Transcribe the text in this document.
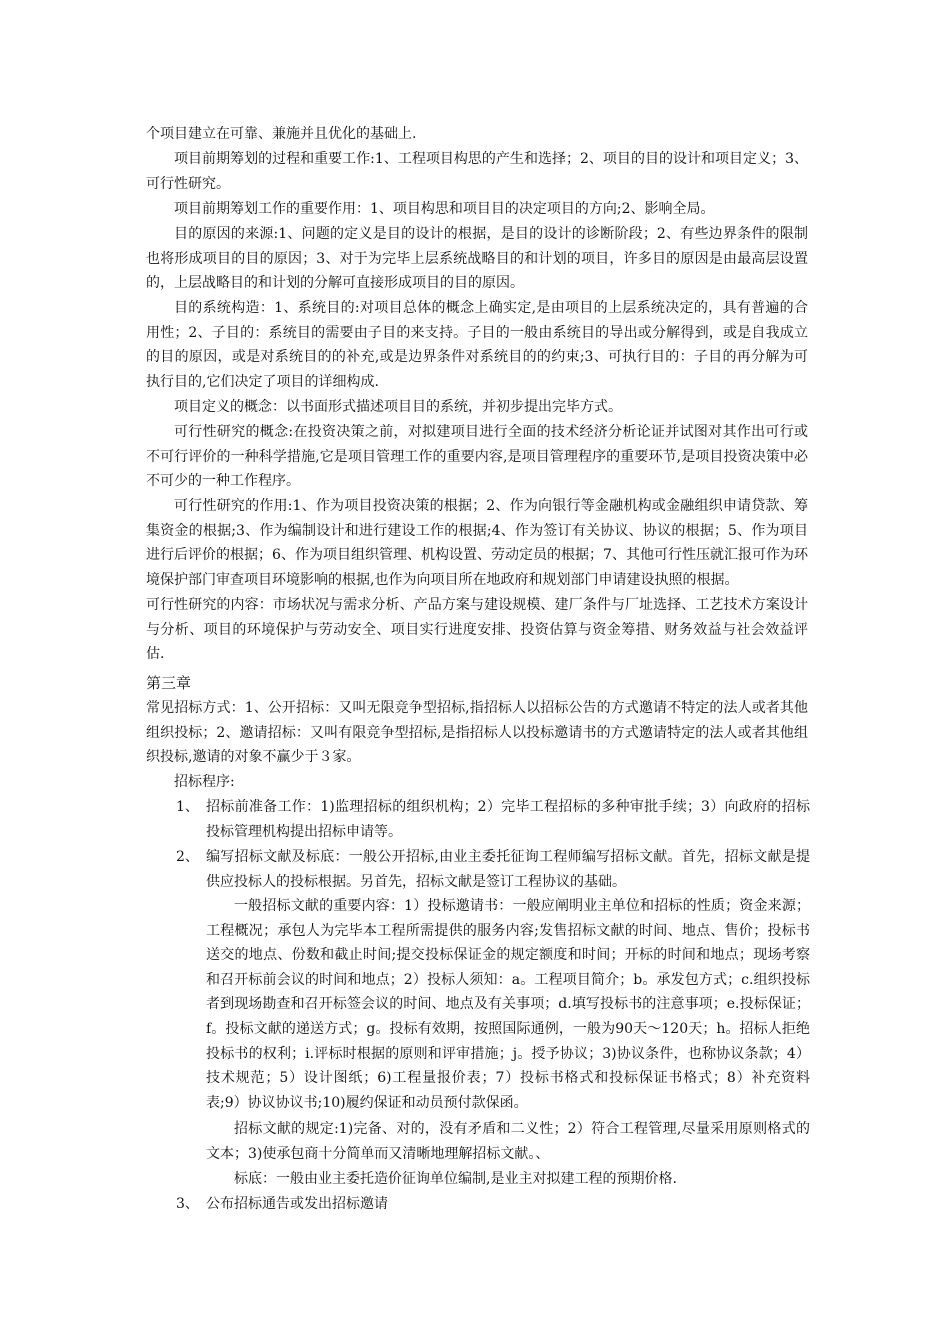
个项目建立在可靠、兼施并且优化的基础上.

项目前期筹划的过程和重要工作:1、工程项目构思的产生和选择；2、项目的目的设计和项目定义；3、可行性研究。

项目前期筹划工作的重要作用：1、项目构思和项目目的决定项目的方向;2、影响全局。

目的原因的来源:1、问题的定义是目的设计的根据，是目的设计的诊断阶段；2、有些边界条件的限制也将形成项目的目的原因；3、对于为完毕上层系统战略目的和计划的项目，许多目的原因是由最高层设置的，上层战略目的和计划的分解可直接形成项目的目的原因。

目的系统构造：1、系统目的:对项目总体的概念上确实定,是由项目的上层系统决定的，具有普遍的合用性；2、子目的：系统目的需要由子目的来支持。子目的一般由系统目的导出或分解得到，或是自我成立的目的原因，或是对系统目的的补充,或是边界条件对系统目的的约束;3、可执行目的：子目的再分解为可执行目的,它们决定了项目的详细构成.

项目定义的概念：以书面形式描述项目目的系统，并初步提出完毕方式。

可行性研究的概念:在投资决策之前，对拟建项目进行全面的技术经济分析论证并试图对其作出可行或不可行评价的一种科学措施,它是项目管理工作的重要内容,是项目管理程序的重要环节,是项目投资决策中必不可少的一种工作程序。

可行性研究的作用:1、作为项目投资决策的根据；2、作为向银行等金融机构或金融组织申请贷款、筹集资金的根据;3、作为编制设计和进行建设工作的根据;4、作为签订有关协议、协议的根据；5、作为项目进行后评价的根据；6、作为项目组织管理、机构设置、劳动定员的根据；7、其他可行性压就汇报可作为环境保护部门审查项目环境影响的根据,也作为向项目所在地政府和规划部门申请建设执照的根据。

可行性研究的内容：市场状况与需求分析、产品方案与建设规模、建厂条件与厂址选择、工艺技术方案设计与分析、项目的环境保护与劳动安全、项目实行进度安排、投资估算与资金筹措、财务效益与社会效益评估.

第三章

常见招标方式：1、公开招标：又叫无限竞争型招标,指招标人以招标公告的方式邀请不特定的法人或者其他组织投标；2、邀请招标：又叫有限竞争型招标,是指招标人以投标邀请书的方式邀请特定的法人或者其他组织投标,邀请的对象不赢少于３家。

招标程序:

1、 招标前准备工作：1)监理招标的组织机构；2）完毕工程招标的多种审批手续；3）向政府的招标投标管理机构提出招标申请等。

2、 编写招标文献及标底：一般公开招标,由业主委托征询工程师编写招标文献。首先，招标文献是提供应投标人的投标根据。另首先，招标文献是签订工程协议的基础。

一般招标文献的重要内容：1）投标邀请书：一般应阐明业主单位和招标的性质；资金来源；工程概况；承包人为完毕本工程所需提供的服务内容;发售招标文献的时间、地点、售价；投标书送交的地点、份数和截止时间;提交投标保证金的规定额度和时间；开标的时间和地点；现场考察和召开标前会议的时间和地点；2）投标人须知：a。工程项目简介；b。承发包方式；c.组织投标者到现场勘查和召开标签会议的时间、地点及有关事项；d.填写投标书的注意事项；e.投标保证；f。投标文献的递送方式；g。投标有效期，按照国际通例，一般为90天～120天；h。招标人拒绝投标书的权利；i.评标时根据的原则和评审措施；j。授予协议；3)协议条件，也称协议条款；4）技术规范；5）设计图纸；6)工程量报价表；7）投标书格式和投标保证书格式；8）补充资料表;9）协议协议书;10)履约保证和动员预付款保函。

招标文献的规定:1)完备、对的，没有矛盾和二义性；2）符合工程管理,尽量采用原则格式的文本；3)使承包商十分简单而又清晰地理解招标文献。、

标底：一般由业主委托造价征询单位编制,是业主对拟建工程的预期价格.

3、 公布招标通告或发出招标邀请
